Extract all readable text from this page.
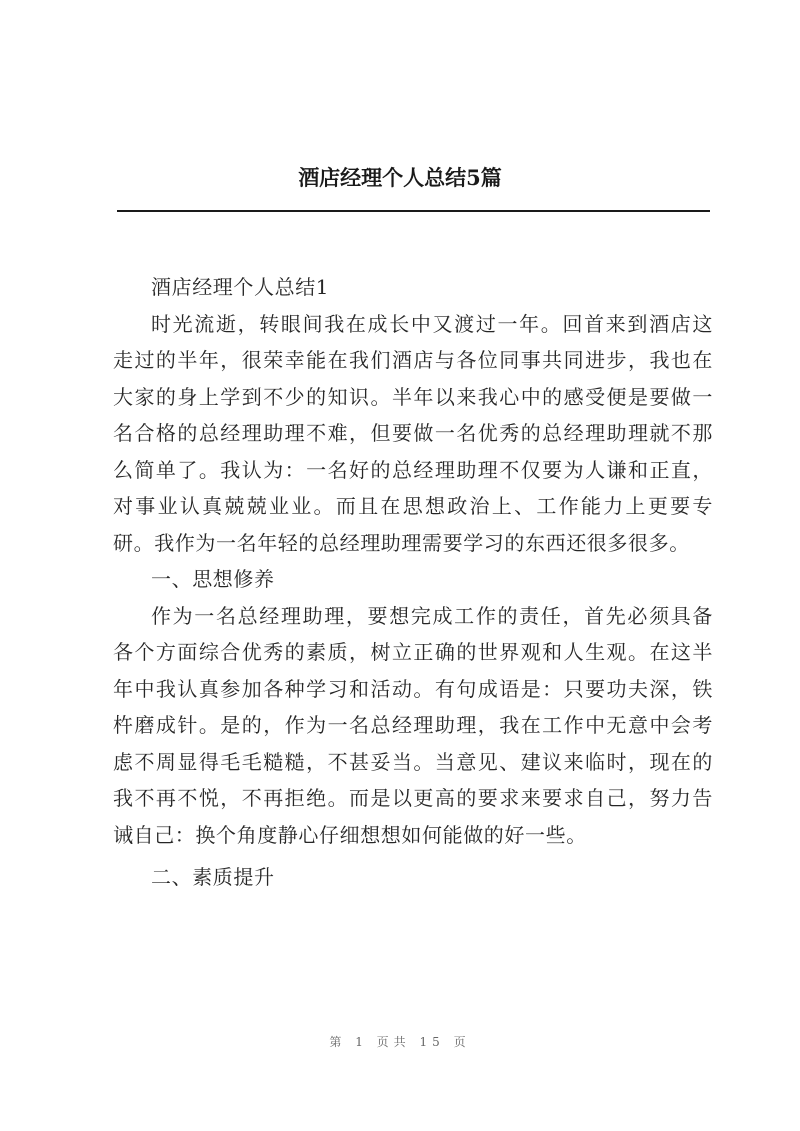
酒店经理个人总结5篇

酒店经理个人总结1

时光流逝，转眼间我在成长中又渡过一年。回首来到酒店这
走过的半年，很荣幸能在我们酒店与各位同事共同进步，我也在
大家的身上学到不少的知识。半年以来我心中的感受便是要做一
名合格的总经理助理不难，但要做一名优秀的总经理助理就不那
么简单了。我认为：一名好的总经理助理不仅要为人谦和正直，
对事业认真兢兢业业。而且在思想政治上、工作能力上更要专
研。我作为一名年轻的总经理助理需要学习的东西还很多很多。

一、思想修养

作为一名总经理助理，要想完成工作的责任，首先必须具备
各个方面综合优秀的素质，树立正确的世界观和人生观。在这半
年中我认真参加各种学习和活动。有句成语是：只要功夫深，铁
杵磨成针。是的，作为一名总经理助理，我在工作中无意中会考
虑不周显得毛毛糙糙，不甚妥当。当意见、建议来临时，现在的
我不再不悦，不再拒绝。而是以更高的要求来要求自己，努力告
诫自己：换个角度静心仔细想想如何能做的好一些。

二、素质提升

第 1 页共 15 页
